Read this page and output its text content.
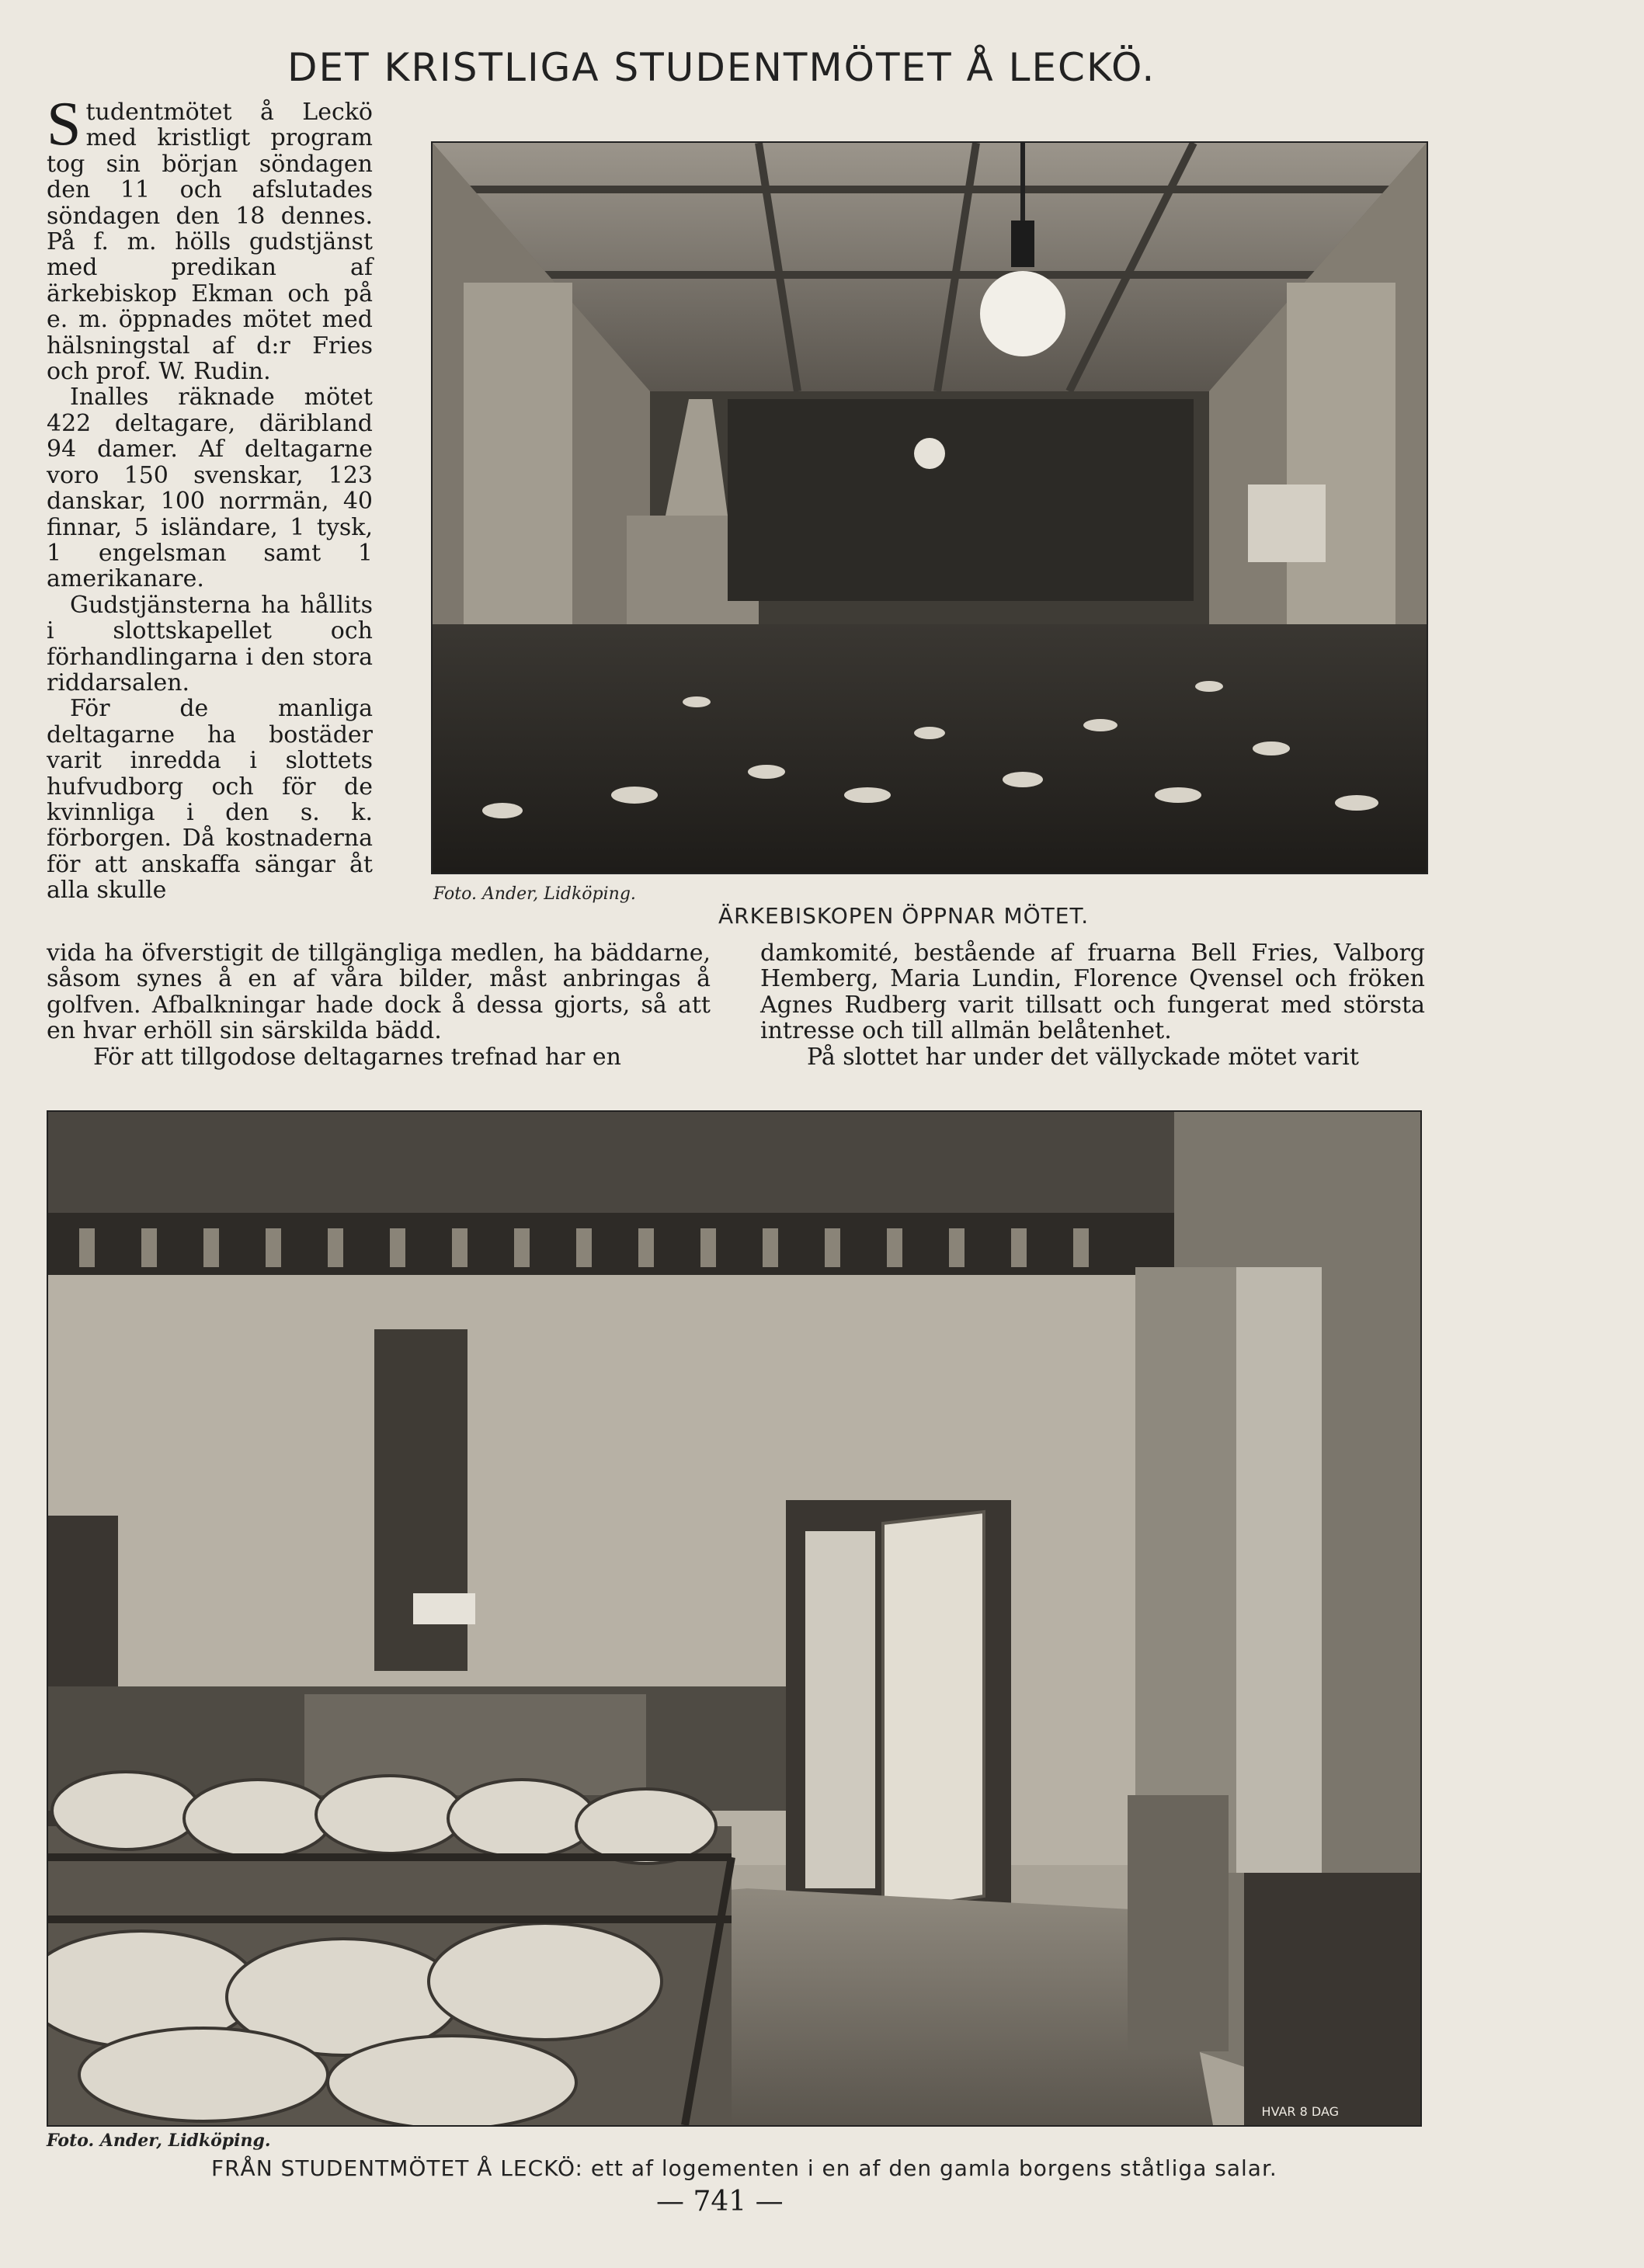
DET KRISTLIGA STUDENTMÖTET Å LECKÖ.
S tudentmötet å Leckö med kristligt program tog sin början söndagen den 11 och afslutades söndagen den 18 dennes. På f. m. hölls gudstjänst med predikan af ärkebiskop Ekman och på e. m. öppnades mötet med hälsningstal af d:r Fries och prof. W. Rudin.

Inalles räknade mötet 422 deltagare, däribland 94 damer. Af deltagarne voro 150 svenskar, 123 danskar, 100 norrmän, 40 finnar, 5 isländare, 1 tysk, 1 engelsman samt 1 amerikanare.

Gudstjänsterna ha hållits i slottskapellet och förhandlingarna i den stora riddarsalen.

För de manliga deltagarne ha bostäder varit inredda i slottets hufvudborg och för de kvinnliga i den s. k. förborgen. Då kostnaderna för att anskaffa sängar åt alla skulle	Foto. Ander, Lidköping.
ÄRKEBISKOPEN ÖPPNAR MÖTET.

vida ha öfverstigit de tillgängliga medlen, ha bäddarne, såsom synes å en af våra bilder, måst anbringas å golfven. Afbalkningar hade dock å dessa gjorts, så att en hvar erhöll sin särskilda bädd.

För att tillgodose deltagarnes trefnad har en

damkomité, bestående af fruarna Bell Fries, Valborg Hemberg, Maria Lundin, Florence Qvensel och fröken Agnes Rudberg varit tillsatt och fungerat med största intresse och till allmän belåtenhet.

På slottet har under det vällyckade mötet varit

HVAR 8 DAG
Foto. Ander, Lidköping.
FRÅN STUDENTMÖTET Å LECKÖ: ett af logementen i en af den gamla borgens ståtliga salar.
— 741 —
